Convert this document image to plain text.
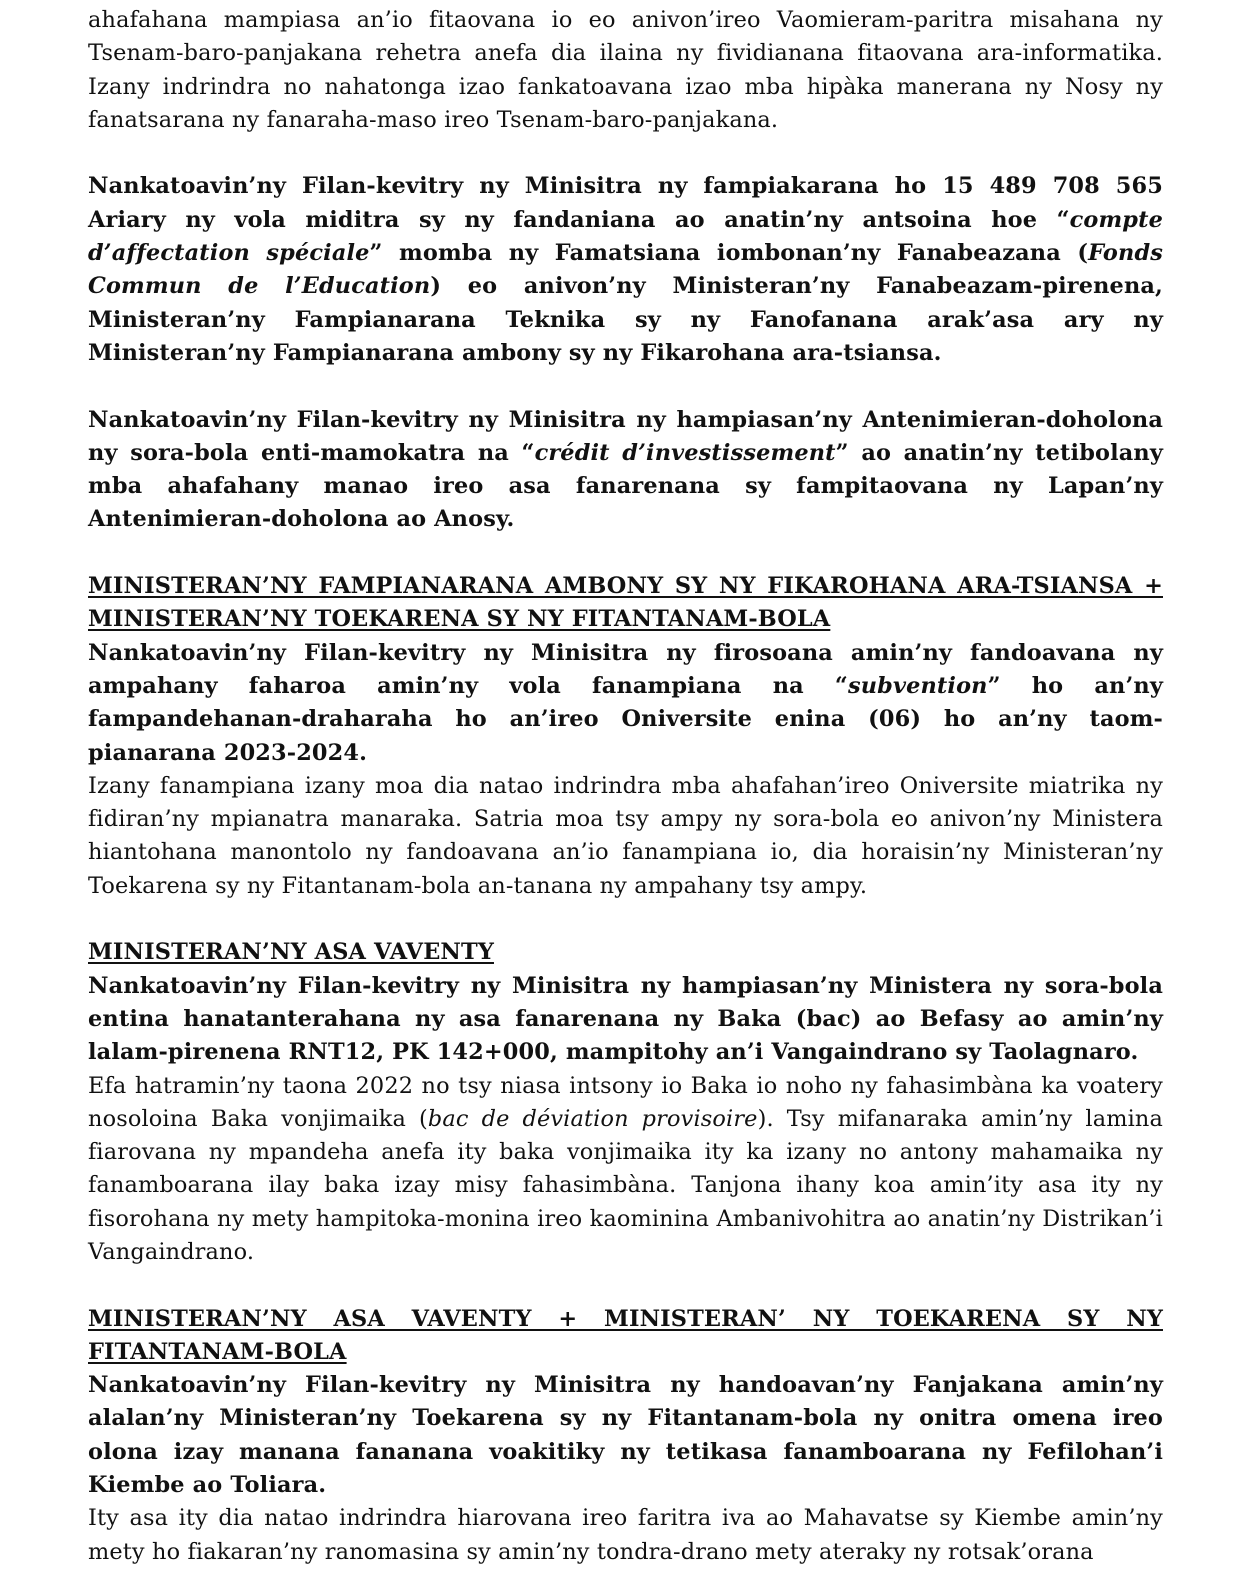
ahafahana mampiasa an’io fitaovana io eo anivon’ireo Vaomieram-paritra misahana ny Tsenam-baro-panjakana rehetra anefa dia ilaina ny fividianana fitaovana ara-informatika. Izany indrindra no nahatonga izao fankatoavana izao mba hipàka manerana ny Nosy ny fanatsarana ny fanaraha-maso ireo Tsenam-baro-panjakana.

Nankatoavin’ny Filan-kevitry ny Minisitra ny fampiakarana ho 15 489 708 565 Ariary ny vola miditra sy ny fandaniana ao anatin’ny antsoina hoe “compte d’affectation spéciale” momba ny Famatsiana iombonan’ny Fanabeazana (Fonds Commun de l’Education) eo anivon’ny Ministeran’ny Fanabeazam-pirenena, Ministeran’ny Fampianarana Teknika sy ny Fanofanana arak’asa ary ny Ministeran’ny Fampianarana ambony sy ny Fikarohana ara-tsiansa.

Nankatoavin’ny Filan-kevitry ny Minisitra ny hampiasan’ny Antenimieran-doholona ny sora-bola enti-mamokatra na “crédit d’investissement” ao anatin’ny tetibolany mba ahafahany manao ireo asa fanarenana sy fampitaovana ny Lapan’ny Antenimieran-doholona ao Anosy.

MINISTERAN’NY FAMPIANARANA AMBONY SY NY FIKAROHANA ARA-TSIANSA + MINISTERAN’NY TOEKARENA SY NY FITANTANAM-BOLA

Nankatoavin’ny Filan-kevitry ny Minisitra ny firosoana amin’ny fandoavana ny ampahany faharoa amin’ny vola fanampiana na “subvention” ho an’ny fampandehanan-draharaha ho an’ireo Oniversite enina (06) ho an’ny taom-pianarana 2023-2024.

Izany fanampiana izany moa dia natao indrindra mba ahafahan’ireo Oniversite miatrika ny fidiran’ny mpianatra manaraka. Satria moa tsy ampy ny sora-bola eo anivon’ny Ministera hiantohana manontolo ny fandoavana an’io fanampiana io, dia horaisin’ny Ministeran’ny Toekarena sy ny Fitantanam-bola an-tanana ny ampahany tsy ampy.

MINISTERAN’NY ASA VAVENTY

Nankatoavin’ny Filan-kevitry ny Minisitra ny hampiasan’ny Ministera ny sora-bola entina hanatanterahana ny asa fanarenana ny Baka (bac) ao Befasy ao amin’ny lalam-pirenena RNT12, PK 142+000, mampitohy an’i Vangaindrano sy Taolagnaro.

Efa hatramin’ny taona 2022 no tsy niasa intsony io Baka io noho ny fahasimbàna ka voatery nosoloina Baka vonjimaika (bac de déviation provisoire). Tsy mifanaraka amin’ny lamina fiarovana ny mpandeha anefa ity baka vonjimaika ity ka izany no antony mahamaika ny fanamboarana ilay baka izay misy fahasimbàna. Tanjona ihany koa amin’ity asa ity ny fisorohana ny mety hampitoka-monina ireo kaominina Ambanivohitra ao anatin’ny Distrikan’i Vangaindrano.

MINISTERAN’NY ASA VAVENTY + MINISTERAN’ NY TOEKARENA SY NY FITANTANAM-BOLA

Nankatoavin’ny Filan-kevitry ny Minisitra ny handoavan’ny Fanjakana amin’ny alalan’ny Ministeran’ny Toekarena sy ny Fitantanam-bola ny onitra omena ireo olona izay manana fananana voakitiky ny tetikasa fanamboarana ny Fefilohan’i Kiembe ao Toliara.

Ity asa ity dia natao indrindra hiarovana ireo faritra iva ao Mahavatse sy Kiembe amin’ny mety ho fiakaran’ny ranomasina sy amin’ny tondra-drano mety ateraky ny rotsak’orana
